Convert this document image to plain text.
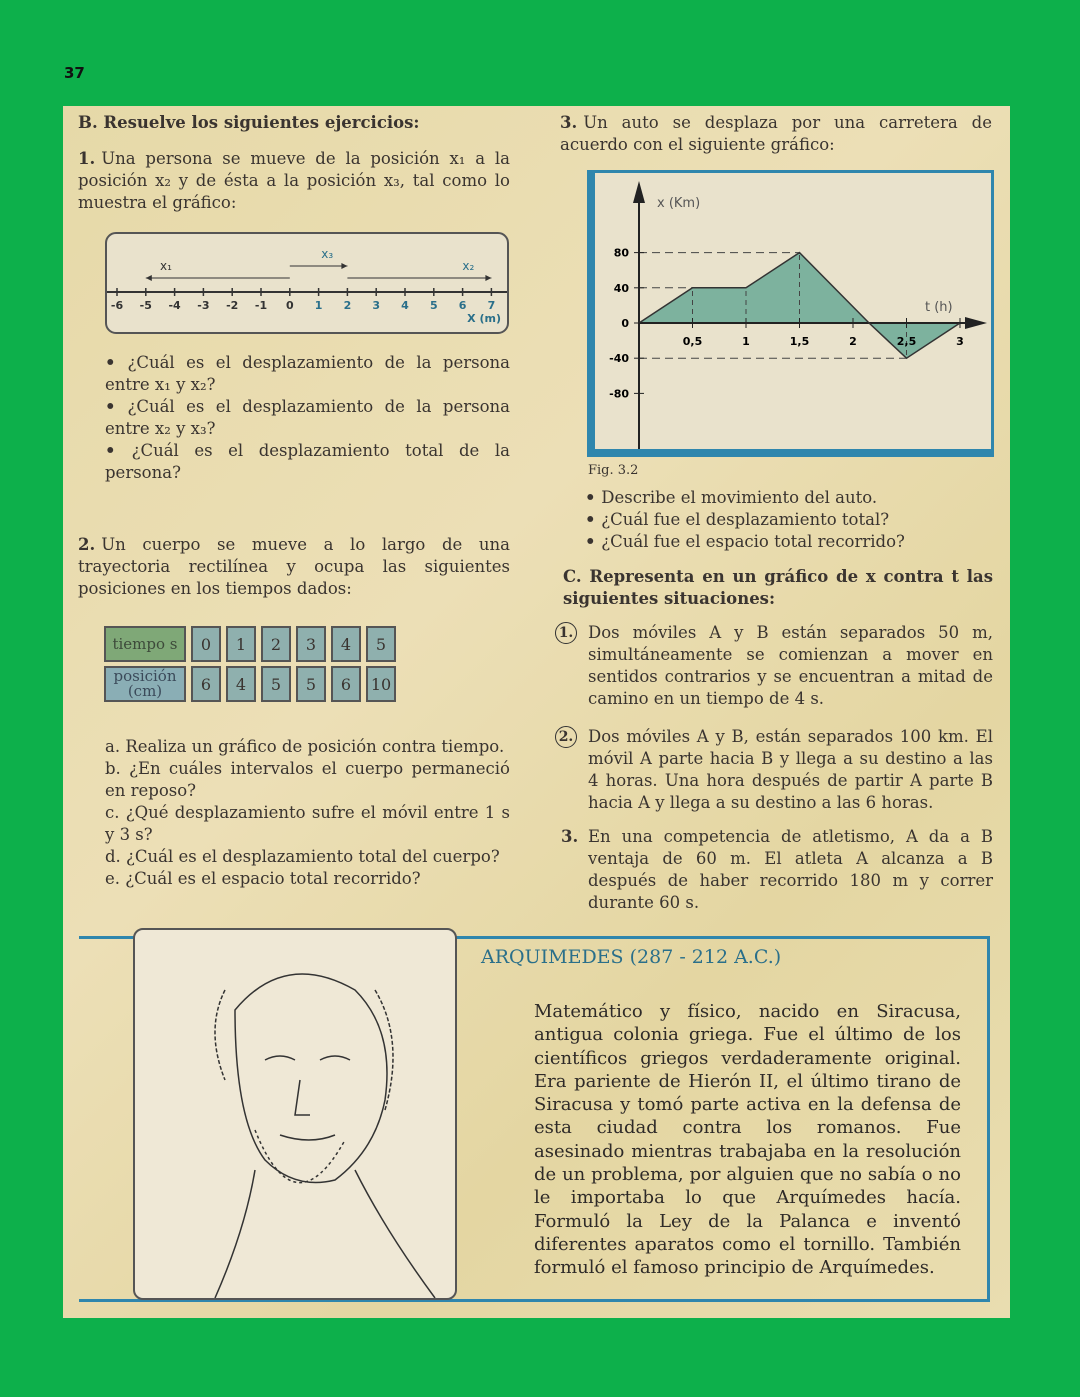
37
B. Resuelve los siguientes ejercicios:
1. Una persona se mueve de la posición x₁ a la posición x₂ y de ésta a la posición x₃, tal como lo muestra el gráfico:
-6 -5 -4 -3 -2 -1 0 1 2 3 4 5 6 7
X (m)
x₁
x₃
x₂
• ¿Cuál es el desplazamiento de la persona entre x₁ y x₂?
• ¿Cuál es el desplazamiento de la persona entre x₂ y x₃?
• ¿Cuál es el desplazamiento total de la persona?
2. Un cuerpo se mueve a lo largo de una trayectoria rectilínea y ocupa las siguientes posiciones en los tiempos dados:
tiempo s	0	1	2	3	4	5
posición (cm)	6	4	5	5	6	10
a. Realiza un gráfico de posición contra tiempo.
b. ¿En cuáles intervalos el cuerpo permaneció en reposo?
c. ¿Qué desplazamiento sufre el móvil entre 1 s y 3 s?
d. ¿Cuál es el desplazamiento total del cuerpo?
e. ¿Cuál es el espacio total recorrido?
3. Un auto se desplaza por una carretera de acuerdo con el siguiente gráfico:
80
40
0
-40
-80
0,5	1	1,5	2	2,5	3
x (Km)
t (h)
Fig. 3.2
• Describe el movimiento del auto.
• ¿Cuál fue el desplazamiento total?
• ¿Cuál fue el espacio total recorrido?
C. Representa en un gráfico de x contra t las siguientes situaciones:
1. Dos móviles A y B están separados 50 m, simultáneamente se comienzan a mover en sentidos contrarios y se encuentran a mitad de camino en un tiempo de 4 s.
2. Dos móviles A y B, están separados 100 km. El móvil A parte hacia B y llega a su destino a las 4 horas. Una hora después de partir A parte B hacia A y llega a su destino a las 6 horas.
3. En una competencia de atletismo, A da a B ventaja de 60 m. El atleta A alcanza a B después de haber recorrido 180 m y correr durante 60 s.
ARQUIMEDES (287 - 212 A.C.)
Matemático y físico, nacido en Siracusa, antigua colonia griega. Fue el último de los científicos griegos verdaderamente original. Era pariente de Hierón II, el último tirano de Siracusa y tomó parte activa en la defensa de esta ciudad contra los romanos. Fue asesinado mientras trabajaba en la resolución de un problema, por alguien que no sabía o no le importaba lo que Arquímedes hacía. Formuló la Ley de la Palanca e inventó diferentes aparatos como el tornillo. También formuló el famoso principio de Arquímedes.
